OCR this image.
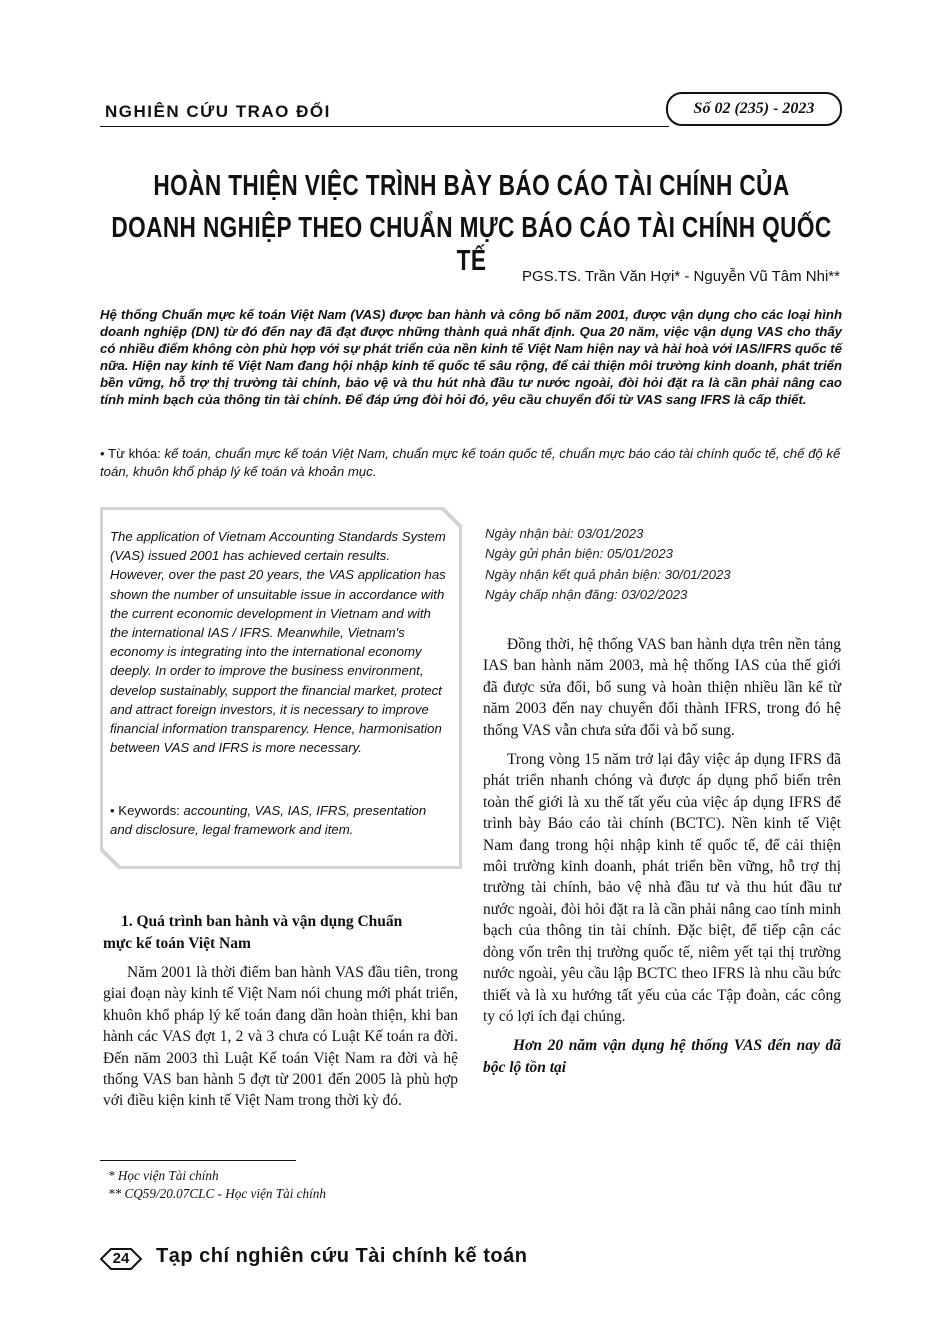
NGHIÊN CỨU TRAO ĐỔI	Số 02 (235) - 2023
HOÀN THIỆN VIỆC TRÌNH BÀY BÁO CÁO TÀI CHÍNH CỦA
DOANH NGHIỆP THEO CHUẨN MỰC BÁO CÁO TÀI CHÍNH QUỐC TẾ	PGS.TS. Trần Văn Hợi* - Nguyễn Vũ Tâm Nhi**
Hệ thống Chuẩn mực kế toán Việt Nam (VAS) được ban hành và công bố năm 2001, được vận dụng cho các loại hình doanh nghiệp (DN) từ đó đến nay đã đạt được những thành quả nhất định. Qua 20 năm, việc vận dụng VAS cho thấy có nhiều điểm không còn phù hợp với sự phát triển của nền kinh tế Việt Nam hiện nay và hài hoà với IAS/IFRS quốc tế nữa. Hiện nay kinh tế Việt Nam đang hội nhập kinh tế quốc tế sâu rộng, để cải thiện môi trường kinh doanh, phát triển bền vững, hỗ trợ thị trường tài chính, bảo vệ và thu hút nhà đầu tư nước ngoài, đòi hỏi đặt ra là cần phải nâng cao tính minh bạch của thông tin tài chính. Để đáp ứng đòi hỏi đó, yêu cầu chuyển đổi từ VAS sang IFRS là cấp thiết.
• Từ khóa: kế toán, chuẩn mực kế toán Việt Nam, chuẩn mực kế toán quốc tế, chuẩn mực báo cáo tài chính quốc tế, chế độ kế toán, khuôn khổ pháp lý kế toán và khoản mục.
The application of Vietnam Accounting Standards System (VAS) issued 2001 has achieved certain results. However, over the past 20 years, the VAS application has shown the number of unsuitable issue in accordance with the current economic development in Vietnam and with the international IAS / IFRS. Meanwhile, Vietnam's economy is integrating into the international economy deeply. In order to improve the business environment, develop sustainably, support the financial market, protect and attract foreign investors, it is necessary to improve financial information transparency. Hence, harmonisation between VAS and IFRS is more necessary.
• Keywords: accounting, VAS, IAS, IFRS, presentation and disclosure, legal framework and item.
Ngày nhận bài: 03/01/2023
Ngày gửi phản biện: 05/01/2023
Ngày nhận kết quả phản biện: 30/01/2023
Ngày chấp nhận đăng: 03/02/2023
1. Quá trình ban hành và vận dụng Chuẩn
mực kế toán Việt Nam

Năm 2001 là thời điểm ban hành VAS đầu tiên, trong giai đoạn này kinh tế Việt Nam nói chung mới phát triển, khuôn khổ pháp lý kế toán đang dần hoàn thiện, khi ban hành các VAS đợt 1, 2 và 3 chưa có Luật Kế toán ra đời. Đến năm 2003 thì Luật Kế toán Việt Nam ra đời và hệ thống VAS ban hành 5 đợt từ 2001 đến 2005 là phù hợp với điều kiện kinh tế Việt Nam trong thời kỳ đó.

Đồng thời, hệ thống VAS ban hành dựa trên nền tảng IAS ban hành năm 2003, mà hệ thống IAS của thế giới đã được sửa đổi, bổ sung và hoàn thiện nhiều lần kể từ năm 2003 đến nay chuyển đổi thành IFRS, trong đó hệ thống VAS vẫn chưa sửa đổi và bổ sung.

Trong vòng 15 năm trở lại đây việc áp dụng IFRS đã phát triển nhanh chóng và được áp dụng phổ biến trên toàn thế giới là xu thế tất yếu của việc áp dụng IFRS để trình bày Báo cáo tài chính (BCTC). Nền kinh tế Việt Nam đang trong hội nhập kinh tế quốc tế, để cải thiện môi trường kinh doanh, phát triển bền vững, hỗ trợ thị trường tài chính, bảo vệ nhà đầu tư và thu hút đầu tư nước ngoài, đòi hỏi đặt ra là cần phải nâng cao tính minh bạch của thông tin tài chính. Đặc biệt, để tiếp cận các dòng vốn trên thị trường quốc tế, niêm yết tại thị trường nước ngoài, yêu cầu lập BCTC theo IFRS là nhu cầu bức thiết và là xu hướng tất yếu của các Tập đoàn, các công ty có lợi ích đại chúng.

Hơn 20 năm vận dụng hệ thống VAS đến nay đã bộc lộ tồn tại

* Học viện Tài chính
** CQ59/20.07CLC - Học viện Tài chính
24	Tạp chí nghiên cứu Tài chính kế toán
